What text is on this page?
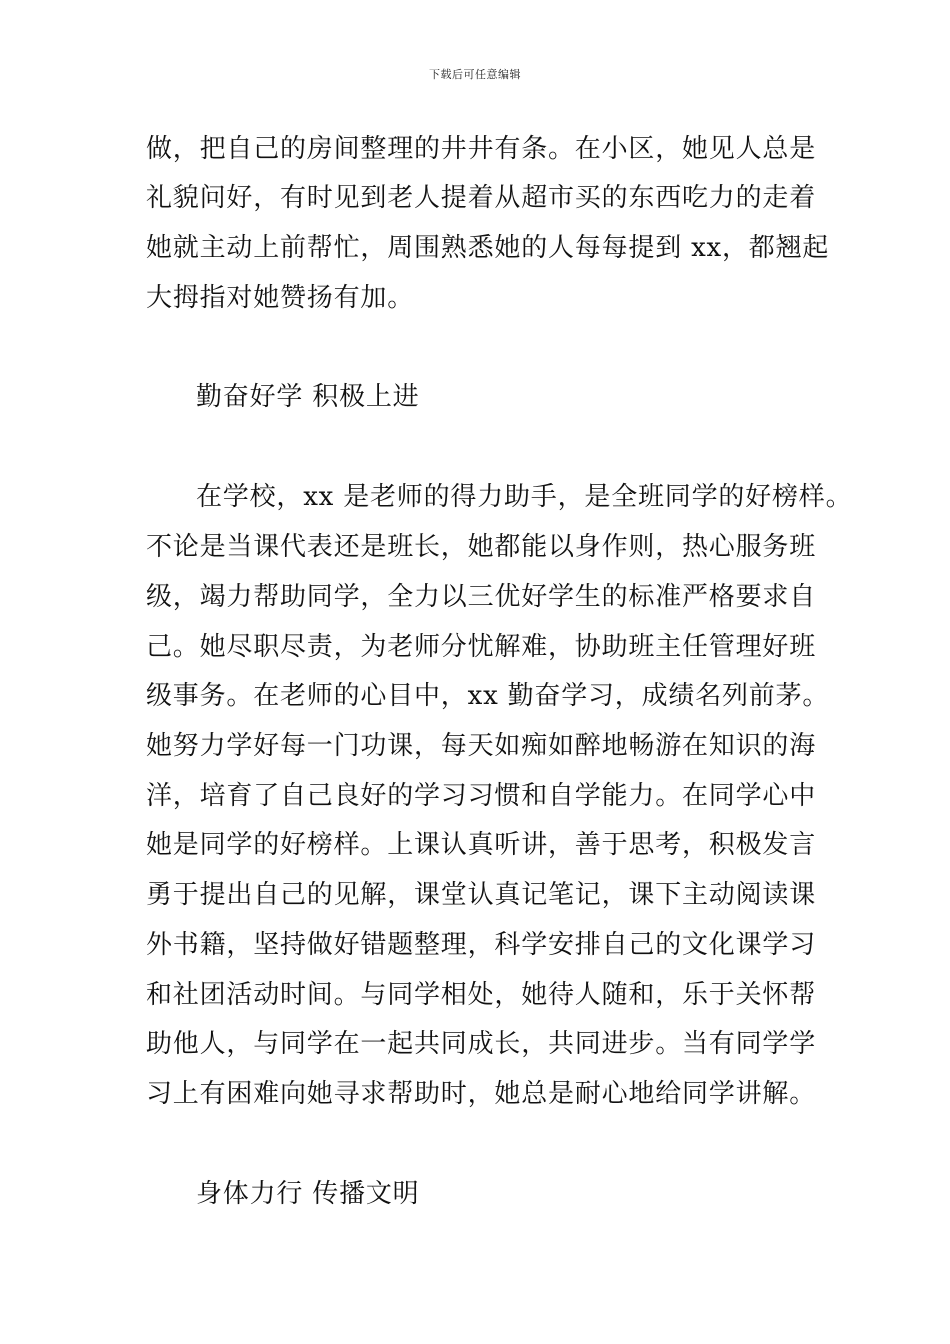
下载后可任意编辑
做，把自己的房间整理的井井有条。在小区，她见人总是
礼貌问好，有时见到老人提着从超市买的东西吃力的走着
她就主动上前帮忙，周围熟悉她的人每每提到 xx，都翘起
大拇指对她赞扬有加。
勤奋好学 积极上进
在学校，xx 是老师的得力助手，是全班同学的好榜样。
不论是当课代表还是班长，她都能以身作则，热心服务班
级，竭力帮助同学，全力以三优好学生的标准严格要求自
己。她尽职尽责，为老师分忧解难，协助班主任管理好班
级事务。在老师的心目中，xx 勤奋学习，成绩名列前茅。
她努力学好每一门功课，每天如痴如醉地畅游在知识的海
洋，培育了自己良好的学习习惯和自学能力。在同学心中
她是同学的好榜样。上课认真听讲，善于思考，积极发言
勇于提出自己的见解，课堂认真记笔记，课下主动阅读课
外书籍，坚持做好错题整理，科学安排自己的文化课学习
和社团活动时间。与同学相处，她待人随和，乐于关怀帮
助他人，与同学在一起共同成长，共同进步。当有同学学
习上有困难向她寻求帮助时，她总是耐心地给同学讲解。
身体力行 传播文明
